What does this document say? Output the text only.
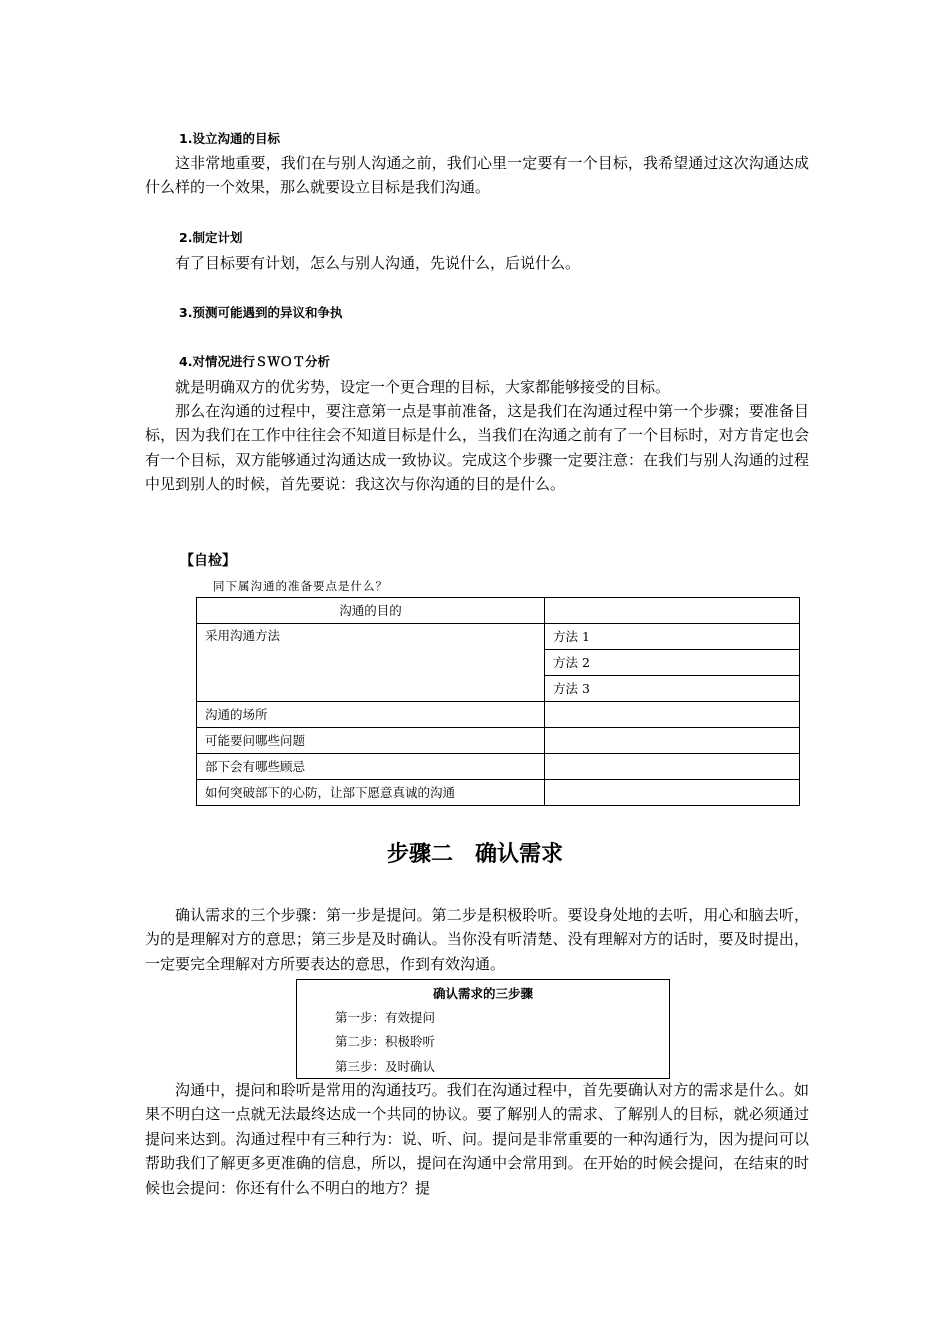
1.设立沟通的目标
这非常地重要，我们在与别人沟通之前，我们心里一定要有一个目标，我希望通过这次沟通达成什么样的一个效果，那么就要设立目标是我们沟通。
2.制定计划
有了目标要有计划，怎么与别人沟通，先说什么，后说什么。
3.预测可能遇到的异议和争执
4.对情况进行ＳＷＯＴ分析
就是明确双方的优劣势，设定一个更合理的目标，大家都能够接受的目标。
那么在沟通的过程中，要注意第一点是事前准备，这是我们在沟通过程中第一个步骤；要准备目标，因为我们在工作中往往会不知道目标是什么，当我们在沟通之前有了一个目标时，对方肯定也会有一个目标，双方能够通过沟通达成一致协议。完成这个步骤一定要注意：在我们与别人沟通的过程中见到别人的时候，首先要说：我这次与你沟通的目的是什么。
【自检】
同下属沟通的准备要点是什么？
沟通的目的	
采用沟通方法	方法 1
	方法 2
	方法 3
沟通的场所	
可能要问哪些问题	
部下会有哪些顾忌	
如何突破部下的心防，让部下愿意真诚的沟通	
步骤二　确认需求
确认需求的三个步骤：第一步是提问。第二步是积极聆听。要设身处地的去听，用心和脑去听，为的是理解对方的意思；第三步是及时确认。当你没有听清楚、没有理解对方的话时，要及时提出，一定要完全理解对方所要表达的意思，作到有效沟通。
确认需求的三步骤
第一步：有效提问
第二步：积极聆听
第三步：及时确认
沟通中，提问和聆听是常用的沟通技巧。我们在沟通过程中，首先要确认对方的需求是什么。如果不明白这一点就无法最终达成一个共同的协议。要了解别人的需求、了解别人的目标，就必须通过提问来达到。沟通过程中有三种行为：说、听、问。提问是非常重要的一种沟通行为，因为提问可以帮助我们了解更多更准确的信息，所以，提问在沟通中会常用到。在开始的时候会提问，在结束的时候也会提问：你还有什么不明白的地方？提
